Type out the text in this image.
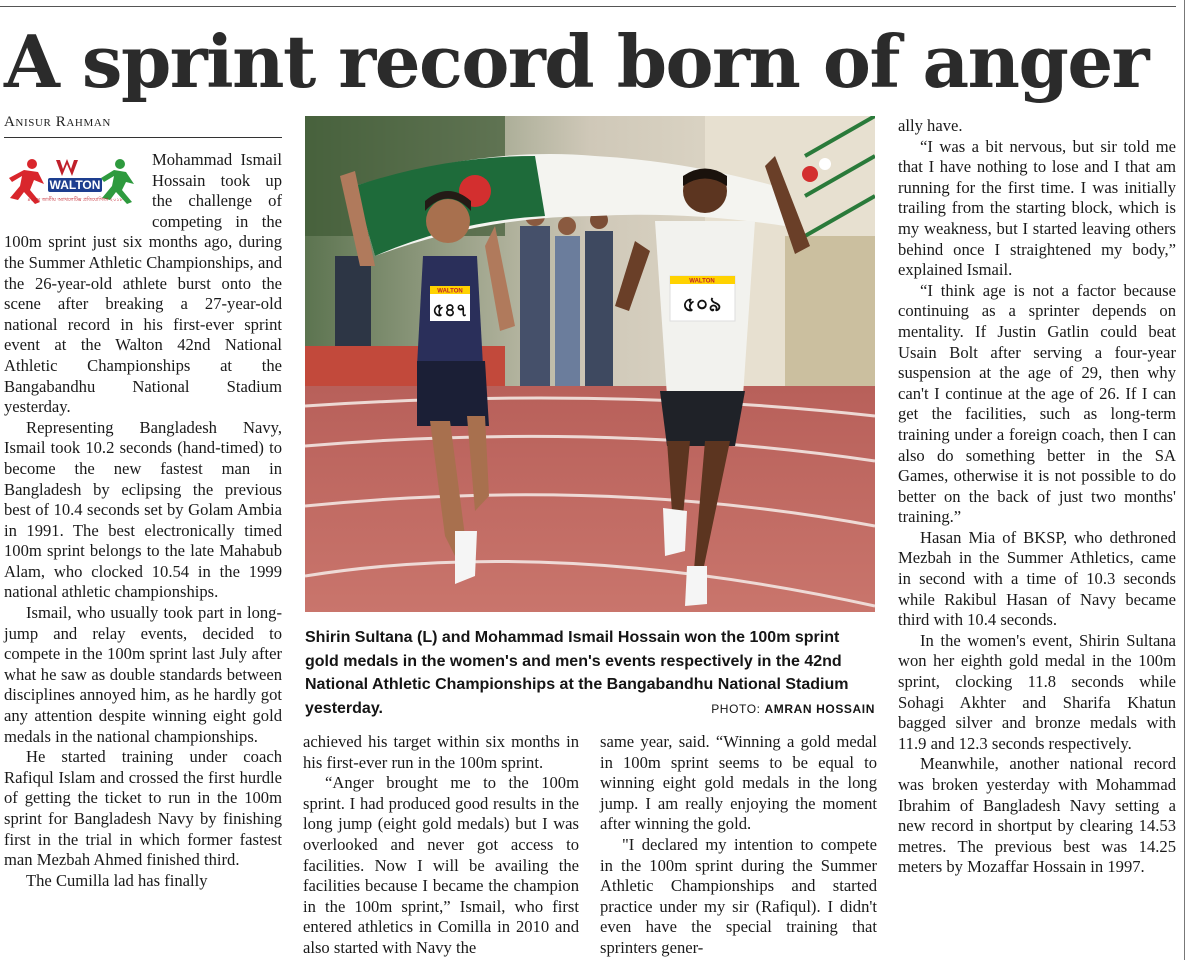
A sprint record born of anger
Anisur Rahman
WALTON
৪২তম জাতীয় অ্যাথলেটিক্স প্রতিযোগিতা ২০১৮

Mohammad Ismail Hossain took up the challenge of competing in the 100m sprint just six months ago, during the Summer Athletic Championships, and the 26-year-old athlete burst onto the scene after breaking a 27-year-old national record in his first-ever sprint event at the Walton 42nd National Athletic Championships at the Bangabandhu National Stadium yesterday.

Representing Bangladesh Navy, Ismail took 10.2 seconds (hand-timed) to become the new fastest man in Bangladesh by eclipsing the previous best of 10.4 seconds set by Golam Ambia in 1991. The best electronically timed 100m sprint belongs to the late Mahabub Alam, who clocked 10.54 in the 1999 national athletic championships.

Ismail, who usually took part in long-jump and relay events, decided to compete in the 100m sprint last July after what he saw as double standards between disciplines annoyed him, as he hardly got any attention despite winning eight gold medals in the national championships.

He started training under coach Rafiqul Islam and crossed the first hurdle of getting the ticket to run in the 100m sprint for Bangladesh Navy by finishing first in the trial in which former fastest man Mezbah Ahmed finished third.

The Cumilla lad has finally

WALTON
৫৪৭
WALTON
৫০৯
Shirin Sultana (L) and Mohammad Ismail Hossain won the 100m sprint gold medals in the women's and men's events respectively in the 42nd National Athletic Championships at the Bangabandhu National Stadium yesterday.	PHOTO: AMRAN HOSSAIN

achieved his target within six months in his first-ever run in the 100m sprint.

“Anger brought me to the 100m sprint. I had produced good results in the long jump (eight gold medals) but I was overlooked and never got access to facilities. Now I will be availing the facilities because I became the champion in the 100m sprint,” Ismail, who first entered athletics in Comilla in 2010 and also started with Navy the

same year, said. “Winning a gold medal in 100m sprint seems to be equal to winning eight gold medals in the long jump. I am really enjoying the moment after winning the gold.

"I declared my intention to compete in the 100m sprint during the Summer Athletic Championships and started practice under my sir (Rafiqul). I didn't even have the special training that sprinters gener-

ally have.

“I was a bit nervous, but sir told me that I have nothing to lose and I that am running for the first time. I was initially trailing from the starting block, which is my weakness, but I started leaving others behind once I straightened my body,” explained Ismail.

“I think age is not a factor because continuing as a sprinter depends on mentality. If Justin Gatlin could beat Usain Bolt after serving a four-year suspension at the age of 29, then why can't I continue at the age of 26. If I can get the facilities, such as long-term training under a foreign coach, then I can also do something better in the SA Games, otherwise it is not possible to do better on the back of just two months' training.”

Hasan Mia of BKSP, who dethroned Mezbah in the Summer Athletics, came in second with a time of 10.3 seconds while Rakibul Hasan of Navy became third with 10.4 seconds.

In the women's event, Shirin Sultana won her eighth gold medal in the 100m sprint, clocking 11.8 seconds while Sohagi Akhter and Sharifa Khatun bagged silver and bronze medals with 11.9 and 12.3 seconds respectively.

Meanwhile, another national record was broken yesterday with Mohammad Ibrahim of Bangladesh Navy setting a new record in shortput by clearing 14.53 metres. The previous best was 14.25 meters by Mozaffar Hossain in 1997.
